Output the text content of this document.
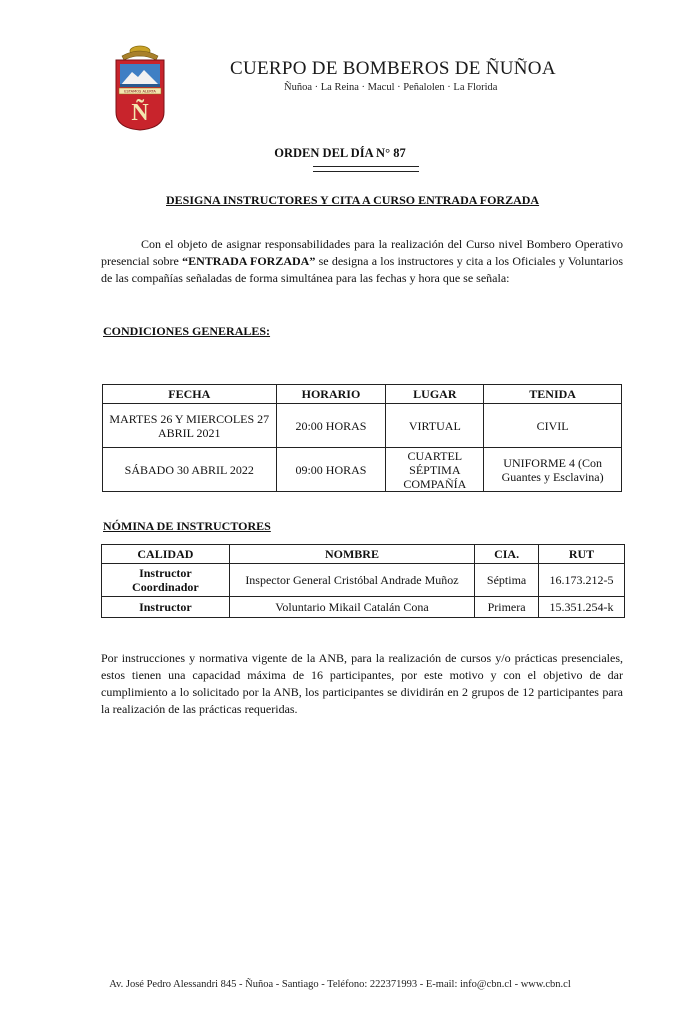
ESTAMOS ALERTA
Ñ
CUERPO DE BOMBEROS DE ÑUÑOA
Ñuñoa · La Reina · Macul · Peñalolen · La Florida
ORDEN DEL DÍA N° 87
DESIGNA INSTRUCTORES Y CITA A CURSO ENTRADA FORZADA
Con el objeto de asignar responsabilidades para la realización del Curso nivel Bombero Operativo presencial sobre “ENTRADA FORZADA” se designa a los instructores y cita a los Oficiales y Voluntarios de las compañías señaladas de forma simultánea para las fechas y hora que se señala:
CONDICIONES GENERALES:
FECHA	HORARIO	LUGAR	TENIDA
MARTES 26 Y MIERCOLES 27 ABRIL 2021	20:00 HORAS	VIRTUAL	CIVIL
SÁBADO 30 ABRIL 2022	09:00 HORAS	CUARTEL SÉPTIMA COMPAÑÍA	UNIFORME 4 (Con Guantes y Esclavina)
NÓMINA DE INSTRUCTORES
CALIDAD	NOMBRE	CIA.	RUT
Instructor Coordinador	Inspector General Cristóbal Andrade Muñoz	Séptima	16.173.212-5
Instructor	Voluntario Mikail Catalán Cona	Primera	15.351.254-k
Por instrucciones y normativa vigente de la ANB, para la realización de cursos y/o prácticas presenciales, estos tienen una capacidad máxima de 16 participantes, por este motivo y con el objetivo de dar cumplimiento a lo solicitado por la ANB, los participantes se dividirán en 2 grupos de 12 participantes para la realización de las prácticas requeridas.
Av. José Pedro Alessandri 845 - Ñuñoa - Santiago - Teléfono: 222371993 - E-mail: info@cbn.cl - www.cbn.cl
